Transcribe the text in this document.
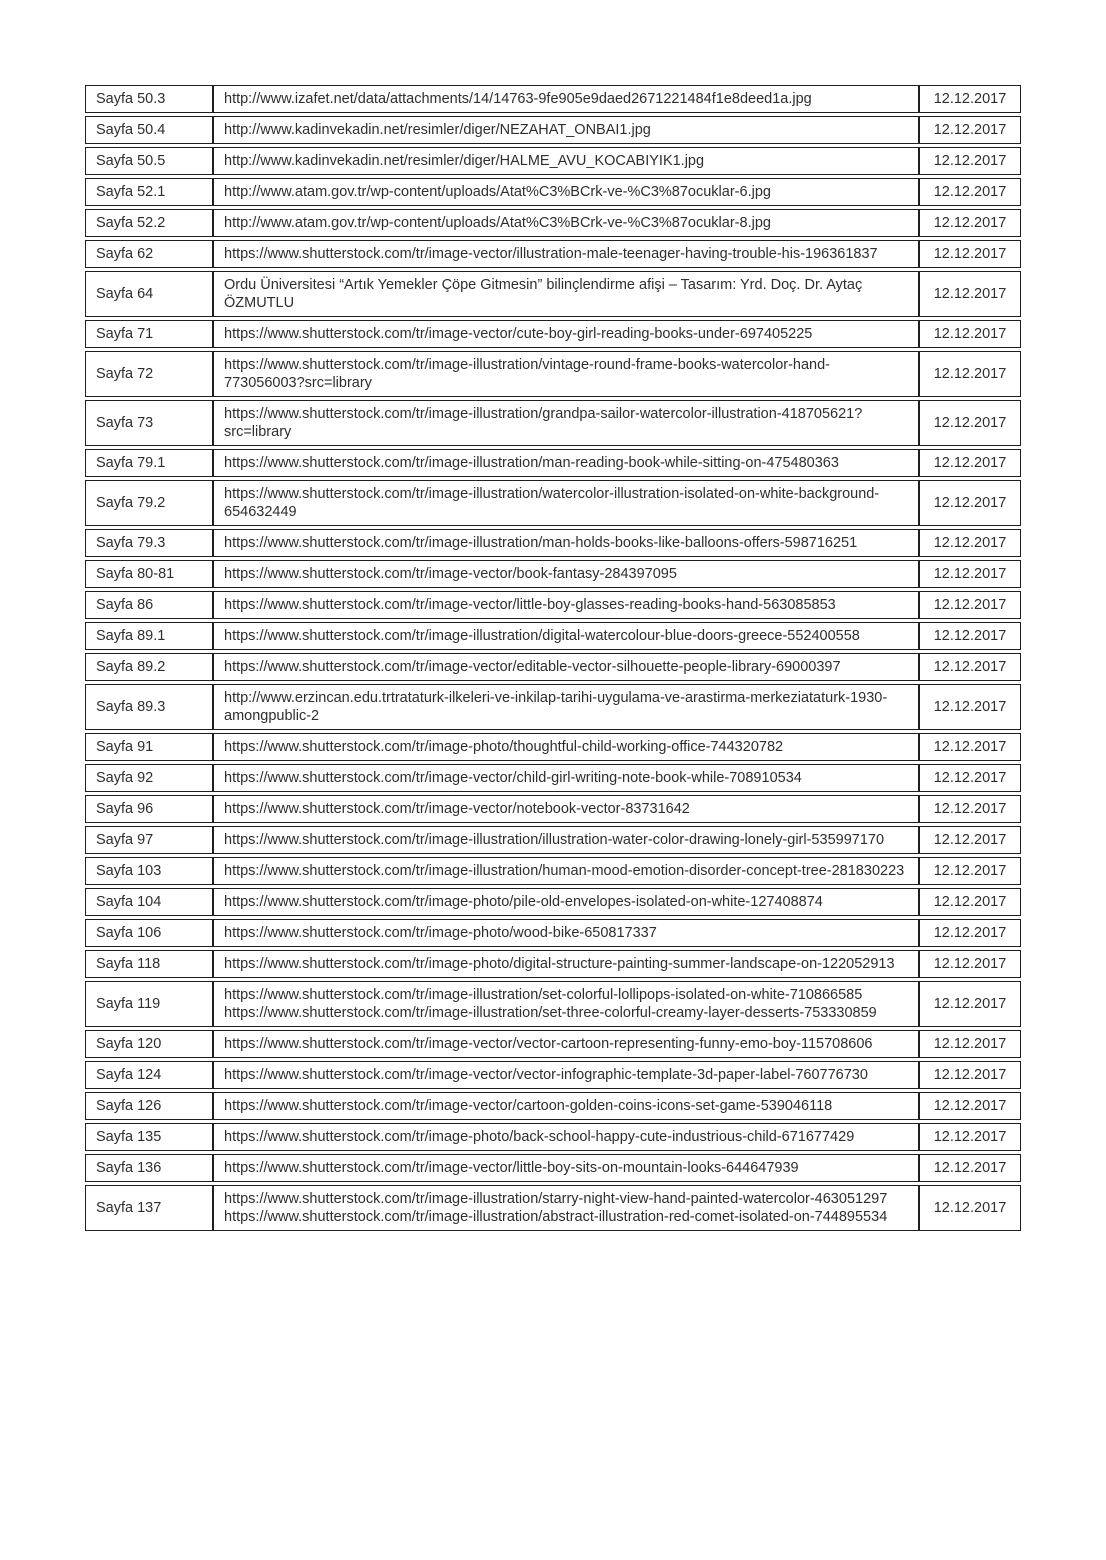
Sayfa 50.3	http://www.izafet.net/data/attachments/14/14763-9fe905e9daed2671221484f1e8deed1a.jpg	12.12.2017
Sayfa 50.4	http://www.kadinvekadin.net/resimler/diger/NEZAHAT_ONBAI1.jpg	12.12.2017
Sayfa 50.5	http://www.kadinvekadin.net/resimler/diger/HALME_AVU_KOCABIYIK1.jpg	12.12.2017
Sayfa 52.1	http://www.atam.gov.tr/wp-content/uploads/Atat%C3%BCrk-ve-%C3%87ocuklar-6.jpg	12.12.2017
Sayfa 52.2	http://www.atam.gov.tr/wp-content/uploads/Atat%C3%BCrk-ve-%C3%87ocuklar-8.jpg	12.12.2017
Sayfa 62	https://www.shutterstock.com/tr/image-vector/illustration-male-teenager-having-trouble-his-196361837	12.12.2017
Sayfa 64	Ordu Üniversitesi “Artık Yemekler Çöpe Gitmesin” bilinçlendirme afişi – Tasarım: Yrd. Doç. Dr. Aytaç ÖZMUTLU	12.12.2017
Sayfa 71	https://www.shutterstock.com/tr/image-vector/cute-boy-girl-reading-books-under-697405225	12.12.2017
Sayfa 72	https://www.shutterstock.com/tr/image-illustration/vintage-round-frame-books-watercolor-hand-773056003?src=library	12.12.2017
Sayfa 73	https://www.shutterstock.com/tr/image-illustration/grandpa-sailor-watercolor-illustration-418705621?src=library	12.12.2017
Sayfa 79.1	https://www.shutterstock.com/tr/image-illustration/man-reading-book-while-sitting-on-475480363	12.12.2017
Sayfa 79.2	https://www.shutterstock.com/tr/image-illustration/watercolor-illustration-isolated-on-white-background-654632449	12.12.2017
Sayfa 79.3	https://www.shutterstock.com/tr/image-illustration/man-holds-books-like-balloons-offers-598716251	12.12.2017
Sayfa 80-81	https://www.shutterstock.com/tr/image-vector/book-fantasy-284397095	12.12.2017
Sayfa 86	https://www.shutterstock.com/tr/image-vector/little-boy-glasses-reading-books-hand-563085853	12.12.2017
Sayfa 89.1	https://www.shutterstock.com/tr/image-illustration/digital-watercolour-blue-doors-greece-552400558	12.12.2017
Sayfa 89.2	https://www.shutterstock.com/tr/image-vector/editable-vector-silhouette-people-library-69000397	12.12.2017
Sayfa 89.3	http://www.erzincan.edu.trtrataturk-ilkeleri-ve-inkilap-tarihi-uygulama-ve-arastirma-merkeziataturk-1930-amongpublic-2	12.12.2017
Sayfa 91	https://www.shutterstock.com/tr/image-photo/thoughtful-child-working-office-744320782	12.12.2017
Sayfa 92	https://www.shutterstock.com/tr/image-vector/child-girl-writing-note-book-while-708910534	12.12.2017
Sayfa 96	https://www.shutterstock.com/tr/image-vector/notebook-vector-83731642	12.12.2017
Sayfa 97	https://www.shutterstock.com/tr/image-illustration/illustration-water-color-drawing-lonely-girl-535997170	12.12.2017
Sayfa 103	https://www.shutterstock.com/tr/image-illustration/human-mood-emotion-disorder-concept-tree-281830223	12.12.2017
Sayfa 104	https://www.shutterstock.com/tr/image-photo/pile-old-envelopes-isolated-on-white-127408874	12.12.2017
Sayfa 106	https://www.shutterstock.com/tr/image-photo/wood-bike-650817337	12.12.2017
Sayfa 118	https://www.shutterstock.com/tr/image-photo/digital-structure-painting-summer-landscape-on-122052913	12.12.2017
Sayfa 119	https://www.shutterstock.com/tr/image-illustration/set-colorful-lollipops-isolated-on-white-710866585
https://www.shutterstock.com/tr/image-illustration/set-three-colorful-creamy-layer-desserts-753330859	12.12.2017
Sayfa 120	https://www.shutterstock.com/tr/image-vector/vector-cartoon-representing-funny-emo-boy-115708606	12.12.2017
Sayfa 124	https://www.shutterstock.com/tr/image-vector/vector-infographic-template-3d-paper-label-760776730	12.12.2017
Sayfa 126	https://www.shutterstock.com/tr/image-vector/cartoon-golden-coins-icons-set-game-539046118	12.12.2017
Sayfa 135	https://www.shutterstock.com/tr/image-photo/back-school-happy-cute-industrious-child-671677429	12.12.2017
Sayfa 136	https://www.shutterstock.com/tr/image-vector/little-boy-sits-on-mountain-looks-644647939	12.12.2017
Sayfa 137	https://www.shutterstock.com/tr/image-illustration/starry-night-view-hand-painted-watercolor-463051297
https://www.shutterstock.com/tr/image-illustration/abstract-illustration-red-comet-isolated-on-744895534	12.12.2017
